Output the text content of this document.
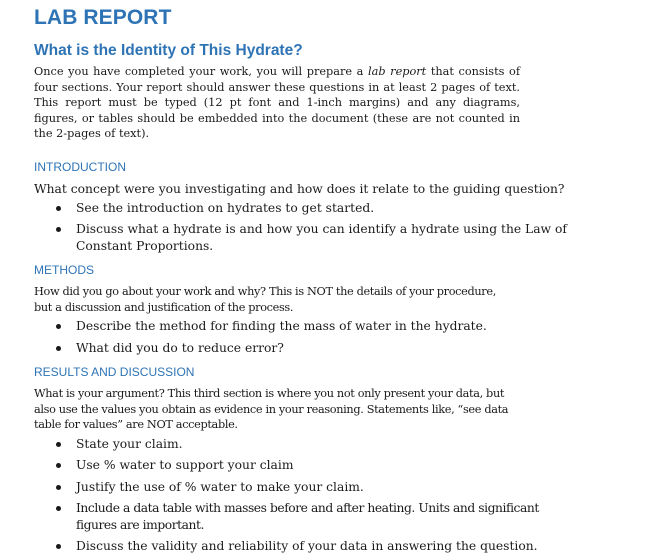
LAB REPORT
What is the Identity of This Hydrate?

Once you have completed your work, you will prepare a lab report that consists of four sections. Your report should answer these questions in at least 2 pages of text. This report must be typed (12 pt font and 1-inch margins) and any diagrams, figures, or tables should be embedded into the document (these are not counted in the 2-pages of text).

INTRODUCTION

What concept were you investigating and how does it relate to the guiding question?

See the introduction on hydrates to get started.
Discuss what a hydrate is and how you can identify a hydrate using the Law of Constant Proportions.
METHODS

How did you go about your work and why? This is NOT the details of your procedure, but a discussion and justification of the process.

Describe the method for finding the mass of water in the hydrate.
What did you do to reduce error?
RESULTS AND DISCUSSION

What is your argument? This third section is where you not only present your data, but also use the values you obtain as evidence in your reasoning. Statements like, “see data table for values” are NOT acceptable.

State your claim.
Use % water to support your claim
Justify the use of % water to make your claim.
Include a data table with masses before and after heating. Units and significant figures are important.
Discuss the validity and reliability of your data in answering the question.
